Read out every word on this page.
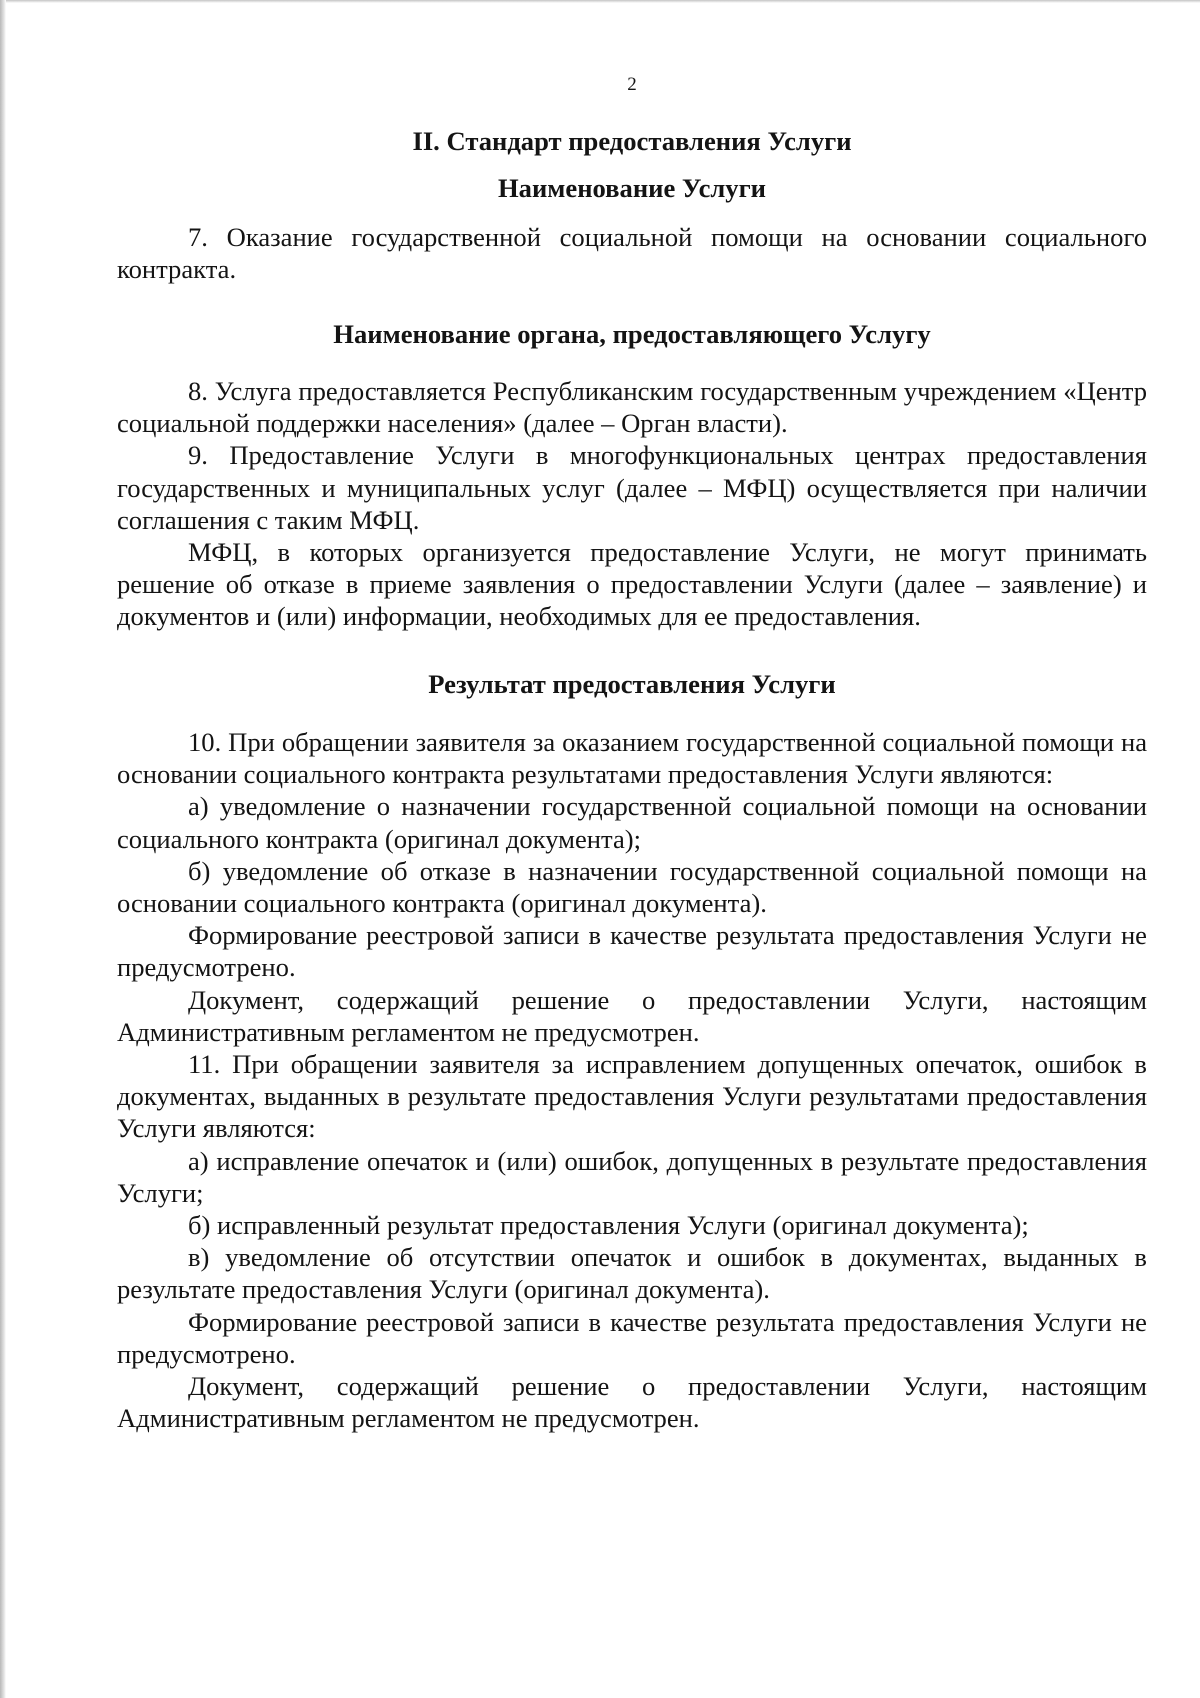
2
II. Стандарт предоставления Услуги
Наименование Услуги

7. Оказание государственной социальной помощи на основании социального контракта.

Наименование органа, предоставляющего Услугу

8. Услуга предоставляется Республиканским государственным учреждением «Центр социальной поддержки населения» (далее – Орган власти).

9. Предоставление Услуги в многофункциональных центрах предоставления государственных и муниципальных услуг (далее – МФЦ) осуществляется при наличии соглашения с таким МФЦ.

МФЦ, в которых организуется предоставление Услуги, не могут принимать решение об отказе в приеме заявления о предоставлении Услуги (далее – заявление) и документов и (или) информации, необходимых для ее предоставления.

Результат предоставления Услуги

10. При обращении заявителя за оказанием государственной социальной помощи на основании социального контракта результатами предоставления Услуги являются:

а) уведомление о назначении государственной социальной помощи на основании социального контракта (оригинал документа);

б) уведомление об отказе в назначении государственной социальной помощи на основании социального контракта (оригинал документа).

Формирование реестровой записи в качестве результата предоставления Услуги не предусмотрено.

Документ, содержащий решение о предоставлении Услуги, настоящим Административным регламентом не предусмотрен.

11. При обращении заявителя за исправлением допущенных опечаток, ошибок в документах, выданных в результате предоставления Услуги результатами предоставления Услуги являются:

а) исправление опечаток и (или) ошибок, допущенных в результате предоставления Услуги;

б) исправленный результат предоставления Услуги (оригинал документа);

в) уведомление об отсутствии опечаток и ошибок в документах, выданных в результате предоставления Услуги (оригинал документа).

Формирование реестровой записи в качестве результата предоставления Услуги не предусмотрено.

Документ, содержащий решение о предоставлении Услуги, настоящим Административным регламентом не предусмотрен.
